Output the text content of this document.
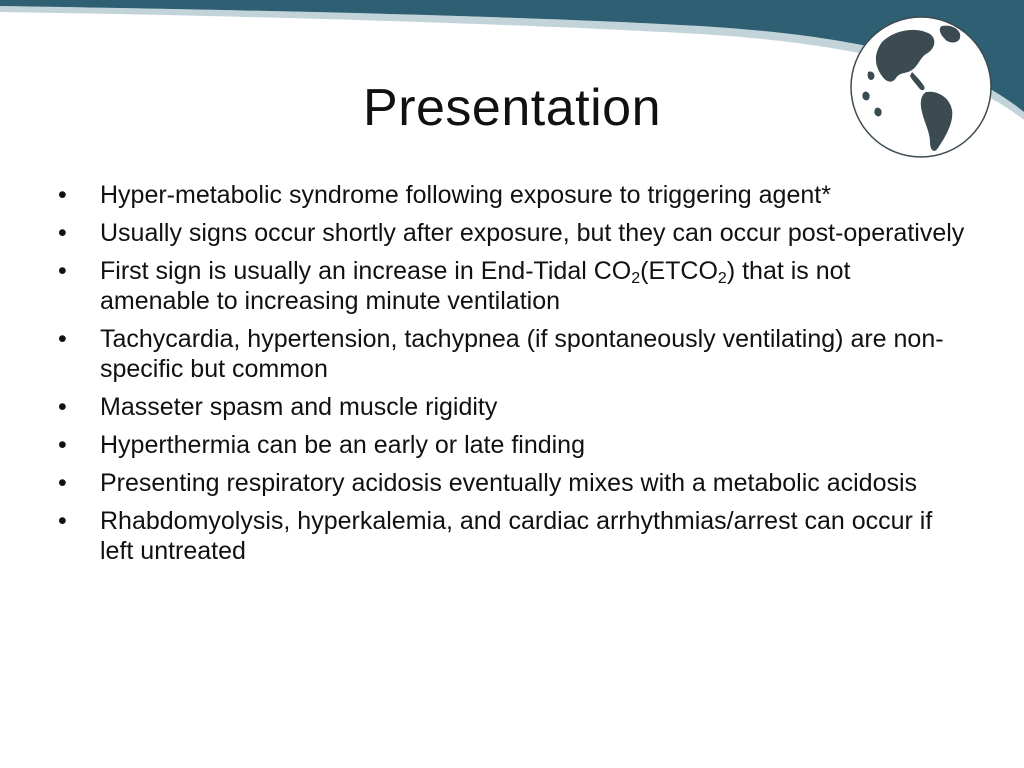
Presentation
• Hyper-metabolic syndrome following exposure to triggering agent*
• Usually signs occur shortly after exposure, but they can occur post-operatively
• First sign is usually an increase in End-Tidal $CO_2(ETCO_2)$ that is not amenable to increasing minute ventilation
• Tachycardia, hypertension, tachypnea (if spontaneously ventilating) are non-specific but common
• Masseter spasm and muscle rigidity
• Hyperthermia can be an early or late finding
• Presenting respiratory acidosis eventually mixes with a metabolic acidosis
• Rhabdomyolysis, hyperkalemia, and cardiac arrhythmias/arrest can occur if left untreated
